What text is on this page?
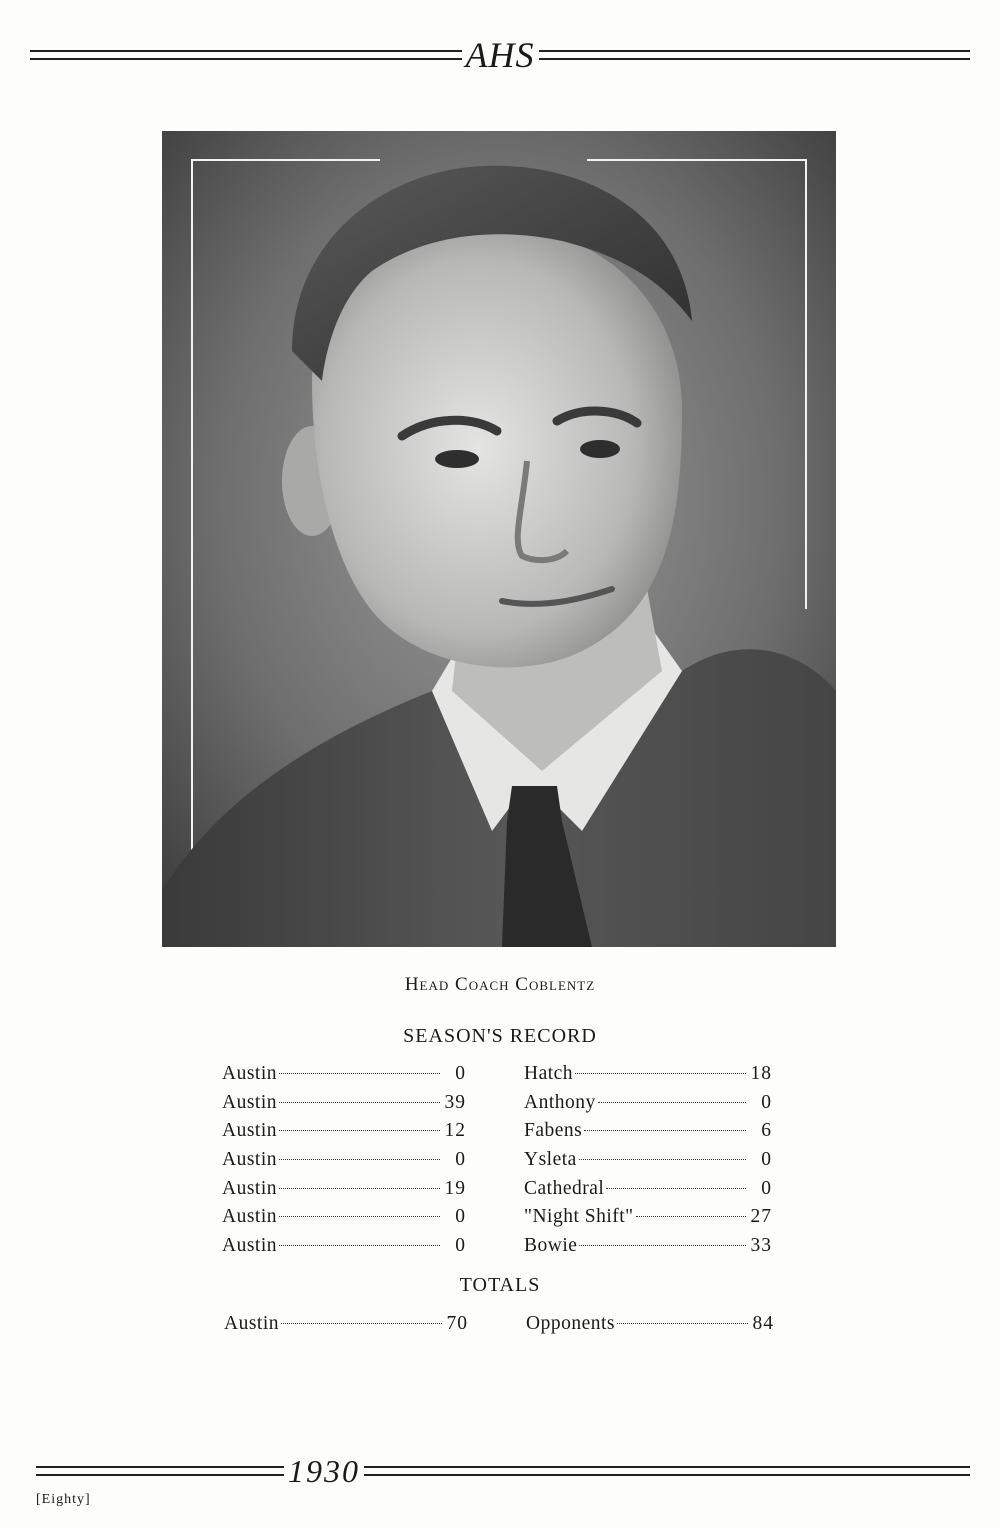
AHS
Head Coach Coblentz
SEASON'S RECORD
Austin	0	Hatch	18
Austin	39	Anthony	0
Austin	12	Fabens	6
Austin	0	Ysleta	0
Austin	19	Cathedral	0
Austin	0	"Night Shift"	27
Austin	0	Bowie	33
TOTALS
Austin	70	Opponents	84
1930
[Eighty]
